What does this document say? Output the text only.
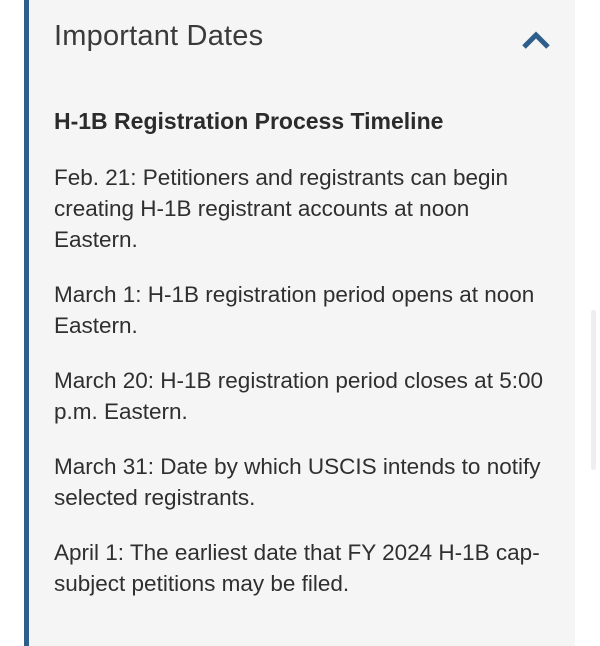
Important Dates
H-1B Registration Process Timeline

Feb. 21: Petitioners and registrants can begin creating H-1B registrant accounts at noon Eastern.

March 1: H-1B registration period opens at noon Eastern.

March 20: H-1B registration period closes at 5:00 p.m. Eastern.

March 31: Date by which USCIS intends to notify selected registrants.

April 1: The earliest date that FY 2024 H-1B cap-subject petitions may be filed.
